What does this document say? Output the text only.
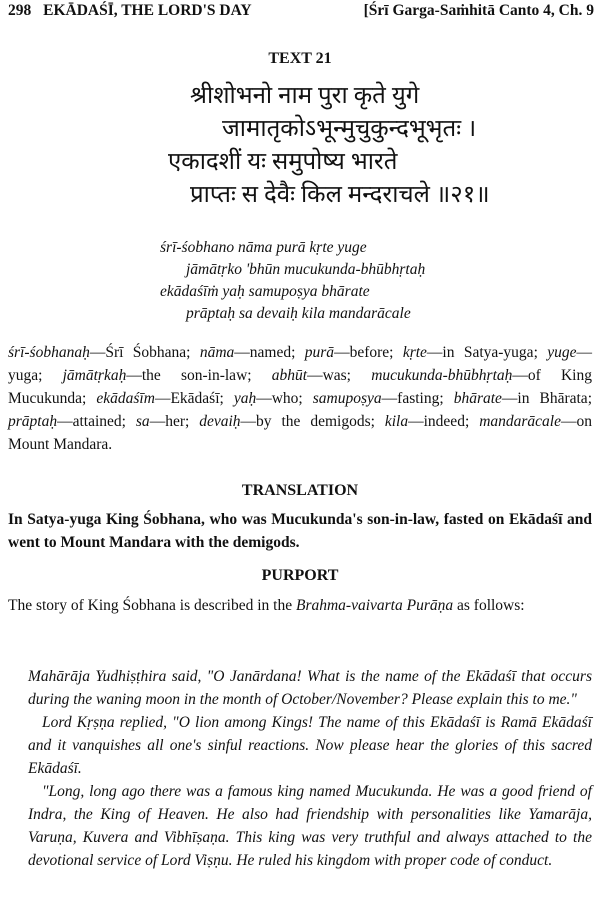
298 EKĀDAŚĪ, THE LORD'S DAY	[Śrī Garga-Saṁhitā Canto 4, Ch. 9
TEXT 21
श्रीशोभनो नाम पुरा कृते युगे
जामातृकोऽभून्मुचुकुन्दभूभृतः ।
एकादशीं यः समुपोष्य भारते
प्राप्तः स देवैः किल मन्दराचले ॥२१॥
śrī-śobhano nāma purā kṛte yuge
jāmātṛko 'bhūn mucukunda-bhūbhṛtaḥ
ekādaśīṁ yaḥ samupoṣya bhārate
prāptaḥ sa devaiḥ kila mandarācale
śrī-śobhanaḥ—Śrī Śobhana; nāma—named; purā—before; kṛte—in Satya-yuga; yuge—yuga; jāmātṛkaḥ—the son-in-law; abhūt—was; mucukunda-bhūbhṛtaḥ—of King Mucukunda; ekādaśīm—Ekādaśī; yaḥ—who; samupoṣya—fasting; bhārate—in Bhārata; prāptaḥ—attained; sa—her; devaiḥ—by the demigods; kila—indeed; mandarācale—on Mount Mandara.
TRANSLATION
In Satya-yuga King Śobhana, who was Mucukunda's son-in-law, fasted on Ekādaśī and went to Mount Mandara with the demigods.
PURPORT
The story of King Śobhana is described in the Brahma-vaivarta Purāṇa as follows:

Mahārāja Yudhiṣṭhira said, "O Janārdana! What is the name of the Ekādaśī that occurs during the waning moon in the month of October/November? Please explain this to me."

Lord Kṛṣṇa replied, "O lion among Kings! The name of this Ekādaśī is Ramā Ekādaśī and it vanquishes all one's sinful reactions. Now please hear the glories of this sacred Ekādaśī.

"Long, long ago there was a famous king named Mucukunda. He was a good friend of Indra, the King of Heaven. He also had friendship with personalities like Yamarāja, Varuṇa, Kuvera and Vibhīṣaṇa. This king was very truthful and always attached to the devotional service of Lord Viṣṇu. He ruled his kingdom with proper code of conduct.
